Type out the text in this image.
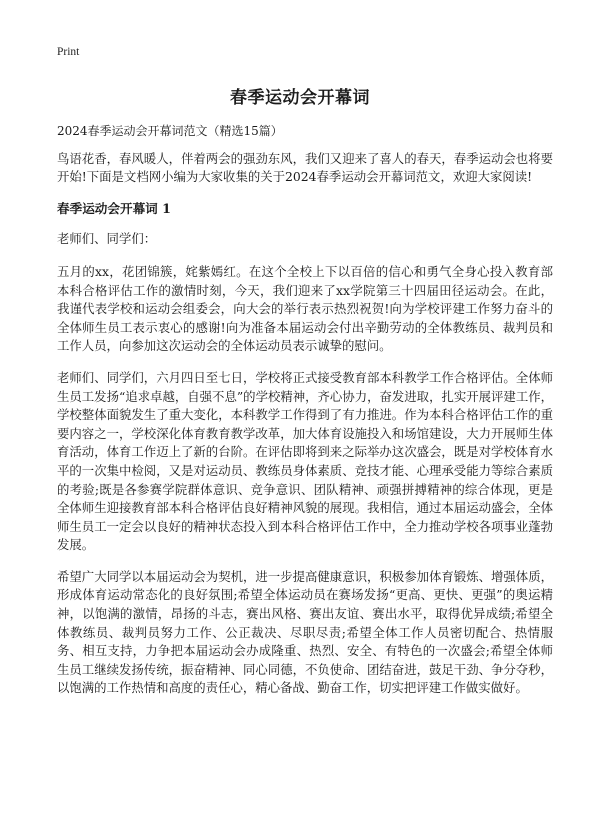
Print
春季运动会开幕词
2024春季运动会开幕词范文（精选15篇）

鸟语花香，春风暖人，伴着两会的强劲东风，我们又迎来了喜人的春天，春季运动会也将要开始!下面是文档网小编为大家收集的关于2024春季运动会开幕词范文，欢迎大家阅读!

春季运动会开幕词 1
老师们、同学们：

五月的xx，花团锦簇，姹紫嫣红。在这个全校上下以百倍的信心和勇气全身心投入教育部本科合格评估工作的激情时刻，今天，我们迎来了xx学院第三十四届田径运动会。在此，我谨代表学校和运动会组委会，向大会的举行表示热烈祝贺!向为学校评建工作努力奋斗的全体师生员工表示衷心的感谢!向为准备本届运动会付出辛勤劳动的全体教练员、裁判员和工作人员，向参加这次运动会的全体运动员表示诚挚的慰问。

老师们、同学们，六月四日至七日，学校将正式接受教育部本科教学工作合格评估。全体师生员工发扬“追求卓越，自强不息”的学校精神，齐心协力，奋发进取，扎实开展评建工作，学校整体面貌发生了重大变化，本科教学工作得到了有力推进。作为本科合格评估工作的重要内容之一，学校深化体育教育教学改革，加大体育设施投入和场馆建设，大力开展师生体育活动，体育工作迈上了新的台阶。在评估即将到来之际举办这次盛会，既是对学校体育水平的一次集中检阅，又是对运动员、教练员身体素质、竞技才能、心理承受能力等综合素质的考验;既是各参赛学院群体意识、竞争意识、团队精神、顽强拼搏精神的综合体现，更是全体师生迎接教育部本科合格评估良好精神风貌的展现。我相信，通过本届运动盛会，全体师生员工一定会以良好的精神状态投入到本科合格评估工作中，全力推动学校各项事业蓬勃发展。

希望广大同学以本届运动会为契机，进一步提高健康意识，积极参加体育锻炼、增强体质，形成体育运动常态化的良好氛围;希望全体运动员在赛场发扬“更高、更快、更强”的奥运精神，以饱满的激情，昂扬的斗志，赛出风格、赛出友谊、赛出水平，取得优异成绩;希望全体教练员、裁判员努力工作、公正裁决、尽职尽责;希望全体工作人员密切配合、热情服务、相互支持，力争把本届运动会办成隆重、热烈、安全、有特色的一次盛会;希望全体师生员工继续发扬传统，振奋精神、同心同德，不负使命、团结奋进，鼓足干劲、争分夺秒，以饱满的工作热情和高度的责任心，精心备战、勤奋工作，切实把评建工作做实做好。
